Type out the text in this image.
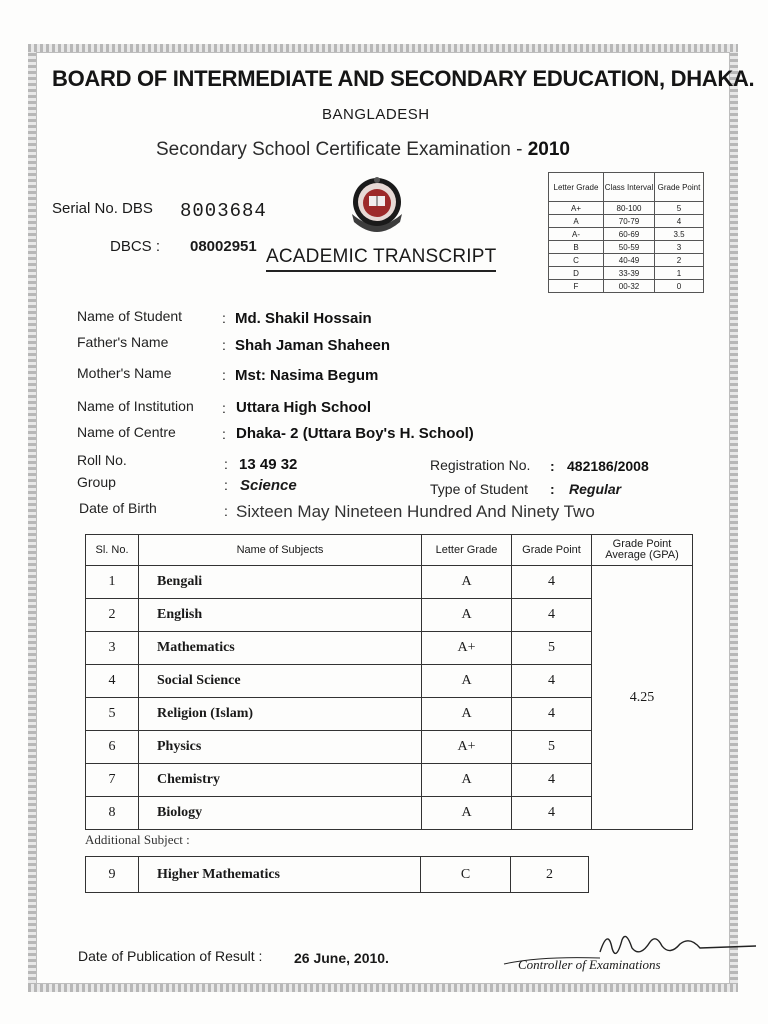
BOARD OF INTERMEDIATE AND SECONDARY EDUCATION, DHAKA.
BANGLADESH
Secondary School Certificate Examination - 2010
Serial No. DBS 8003684
DBCS : 08002951 ACADEMIC TRANSCRIPT
Letter Grade	Class Interval	Grade Point
A+	80-100	5
A	70-79	4
A-	60-69	3.5
B	50-59	3
C	40-49	2
D	33-39	1
F	00-32	0
Name of Student	: Md. Shakil Hossain
Father's Name	: Shah Jaman Shaheen
Mother's Name	: Mst: Nasima Begum
Name of Institution : Uttara High School
Name of Centre	: Dhaka- 2 (Uttara Boy's H. School)
Roll No.	: 13 49 32	Registration No. : 482186/2008
Group	: Science	Type of Student : Regular
Date of Birth	: Sixteen May Nineteen Hundred And Ninety Two
Sl. No.	Name of Subjects	Letter Grade	Grade Point	Grade Point Average (GPA)
1	Bengali	A	4	4.25
2	English	A	4	
3	Mathematics	A+	5	
4	Social Science	A	4	
5	Religion (Islam)	A	4	
6	Physics	A+	5	
7	Chemistry	A	4	
8	Biology	A	4	
Additional Subject :
9	Higher Mathematics	C	2
Date of Publication of Result : 26 June, 2010.	Controller of Examinations
